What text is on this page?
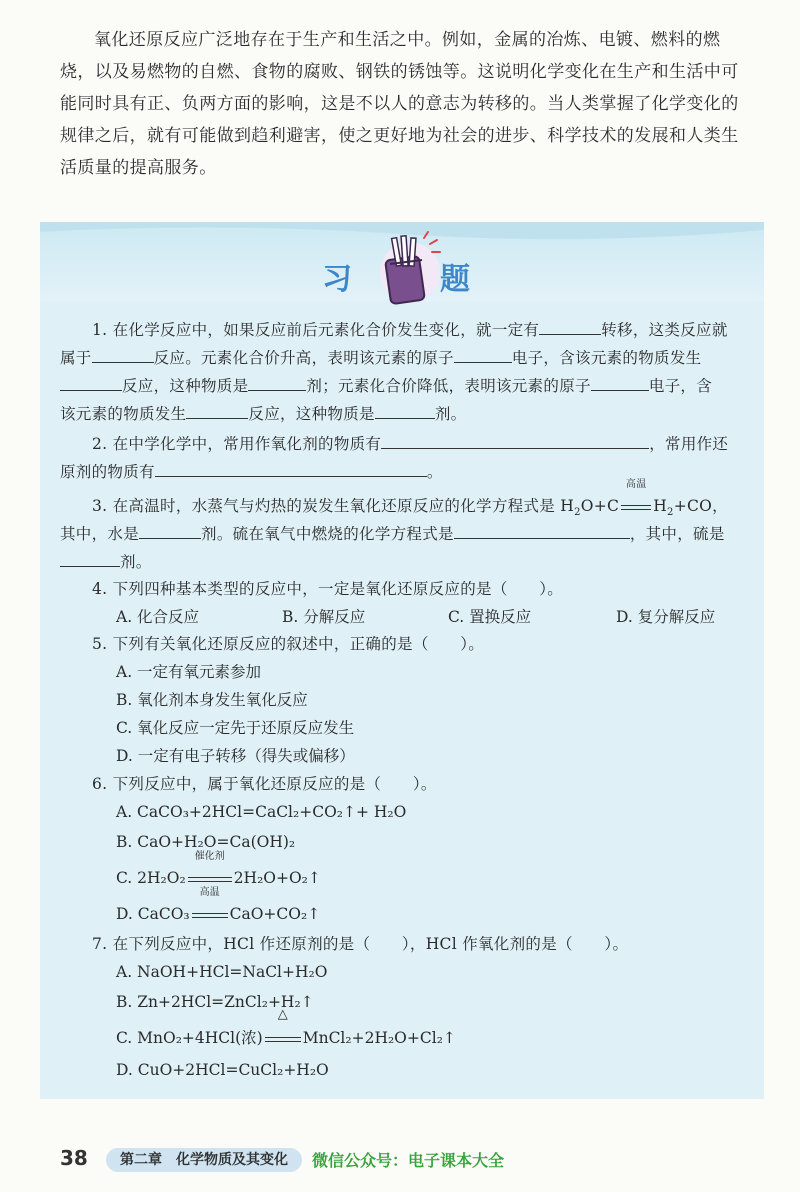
氧化还原反应广泛地存在于生产和生活之中。例如，金属的冶炼、电镀、燃料的燃烧，以及易燃物的自燃、食物的腐败、钢铁的锈蚀等。这说明化学变化在生产和生活中可能同时具有正、负两方面的影响，这是不以人的意志为转移的。当人类掌握了化学变化的规律之后，就有可能做到趋利避害，使之更好地为社会的进步、科学技术的发展和人类生活质量的提高服务。
习	题
1. 在化学反应中，如果反应前后元素化合价发生变化，就一定有	转移，这类反应就
属于	反应。元素化合价升高，表明该元素的原子	电子，含该元素的物质发生
反应，这种物质是	剂；元素化合价降低，表明该元素的原子	电子，含
该元素的物质发生	反应，这种物质是	剂。
2. 在中学化学中，常用作氧化剂的物质有	，常用作还
原剂的物质有	。
3. 在高温时，水蒸气与灼热的炭发生氧化还原反应的化学方程式是 $H_2O+C$
高温
$H_2+CO$，
其中，水是	剂。硫在氧气中燃烧的化学方程式是	，其中，硫是
剂。
4. 下列四种基本类型的反应中，一定是氧化还原反应的是（　　）。
A. 化合反应	B. 分解反应	C. 置换反应	D. 复分解反应
5. 下列有关氧化还原反应的叙述中，正确的是（　　）。
A. 一定有氧元素参加
B. 氧化剂本身发生氧化反应
C. 氧化反应一定先于还原反应发生
D. 一定有电子转移（得失或偏移）
6. 下列反应中，属于氧化还原反应的是（　　）。
A. CaCO₃+2HCl=CaCl₂+CO₂↑+ H₂O
B. CaO+H₂O=Ca(OH)₂
C. 2H₂O₂
催化剂
2H₂O+O₂↑
D. CaCO₃
高温
CaO+CO₂↑
7. 在下列反应中，HCl 作还原剂的是（　　），HCl 作氧化剂的是（　　）。
A. NaOH+HCl=NaCl+H₂O
B. Zn+2HCl=ZnCl₂+H₂↑
C. MnO₂+4HCl(浓)
△
MnCl₂+2H₂O+Cl₂↑
D. CuO+2HCl=CuCl₂+H₂O
38	第二章　化学物质及其变化	微信公众号：电子课本大全
